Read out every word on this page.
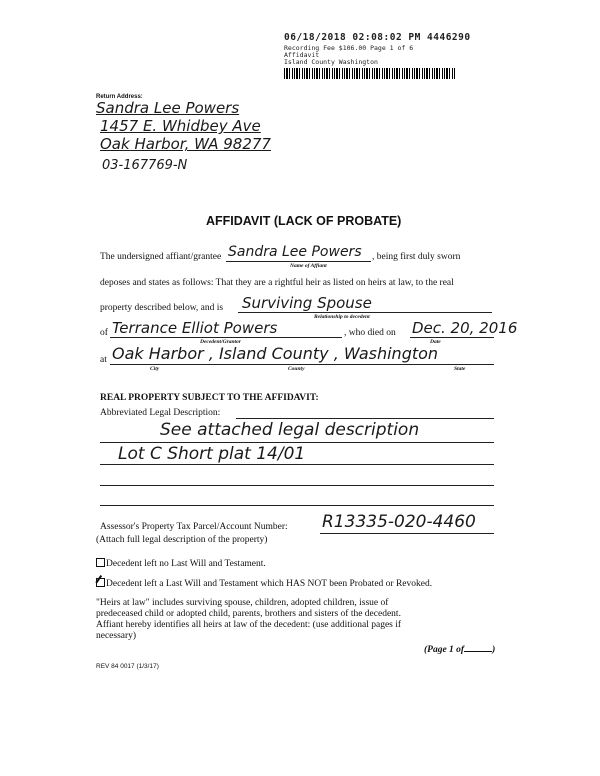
06/18/2018 02:08:02 PM 4446290
Recording Fee $106.00 Page 1 of 6
Affidavit
Island County Washington
Return Address:
Sandra Lee Powers
1457 E. Whidbey Ave
Oak Harbor, WA 98277
03-167769-N
AFFIDAVIT (LACK OF PROBATE)
The undersigned affiant/grantee Sandra Lee Powers , being first duly sworn
Name of Affiant
deposes and states as follows: That they are a rightful heir as listed on heirs at law, to the real
property described below, and is Surviving Spouse
Relationship to decedent
of Terrance Elliot Powers	, who died on Dec. 20, 2016
Decedent/Grantor	Date
at Oak Harbor , Island County , Washington
City	County	State
REAL PROPERTY SUBJECT TO THE AFFIDAVIT:
Abbreviated Legal Description:
See attached legal description
Lot C Short plat 14/01
Assessor's Property Tax Parcel/Account Number: R13335-020-4460
(Attach full legal description of the property)
Decedent left no Last Will and Testament.
Decedent left a Last Will and Testament which HAS NOT been Probated or Revoked.
"Heirs at law" includes surviving spouse, children, adopted children, issue of
predeceased child or adopted child, parents, brothers and sisters of the decedent.
Affiant hereby identifies all heirs at law of the decedent: (use additional pages if
necessary)
(Page 1 of	)
REV 84 0017 (1/3/17)
